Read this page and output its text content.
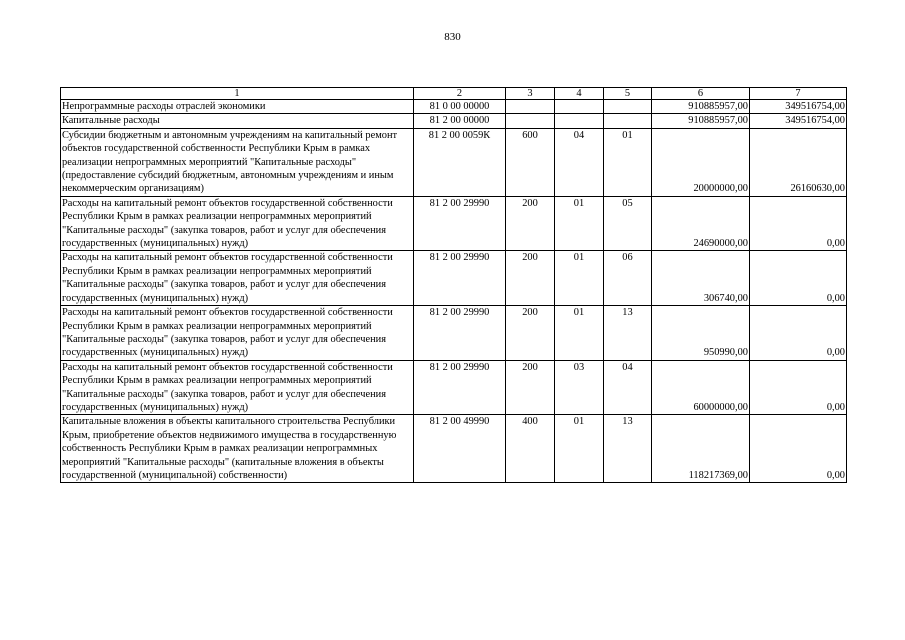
830
1	2	3	4	5	6	7
Непрограммные расходы отраслей экономики	81 0 00 00000				910885957,00	349516754,00
Капитальные расходы	81 2 00 00000				910885957,00	349516754,00
Субсидии бюджетным и автономным учреждениям на капитальный ремонт объектов государственной собственности Республики Крым в рамках реализации непрограммных мероприятий "Капитальные расходы" (предоставление субсидий бюджетным, автономным учреждениям и иным некоммерческим организациям)	81 2 00 0059К	600	04	01	20000000,00	26160630,00
Расходы на капитальный ремонт объектов государственной собственности Республики Крым в рамках реализации непрограммных мероприятий "Капитальные расходы" (закупка товаров, работ и услуг для обеспечения государственных (муниципальных) нужд)	81 2 00 29990	200	01	05	24690000,00	0,00
Расходы на капитальный ремонт объектов государственной собственности Республики Крым в рамках реализации непрограммных мероприятий "Капитальные расходы" (закупка товаров, работ и услуг для обеспечения государственных (муниципальных) нужд)	81 2 00 29990	200	01	06	306740,00	0,00
Расходы на капитальный ремонт объектов государственной собственности Республики Крым в рамках реализации непрограммных мероприятий "Капитальные расходы" (закупка товаров, работ и услуг для обеспечения государственных (муниципальных) нужд)	81 2 00 29990	200	01	13	950990,00	0,00
Расходы на капитальный ремонт объектов государственной собственности Республики Крым в рамках реализации непрограммных мероприятий "Капитальные расходы" (закупка товаров, работ и услуг для обеспечения государственных (муниципальных) нужд)	81 2 00 29990	200	03	04	60000000,00	0,00
Капитальные вложения в объекты капитального строительства Республики Крым, приобретение объектов недвижимого имущества в государственную собственность Республики Крым в рамках реализации непрограммных мероприятий "Капитальные расходы" (капитальные вложения в объекты государственной (муниципальной) собственности)	81 2 00 49990	400	01	13	118217369,00	0,00
